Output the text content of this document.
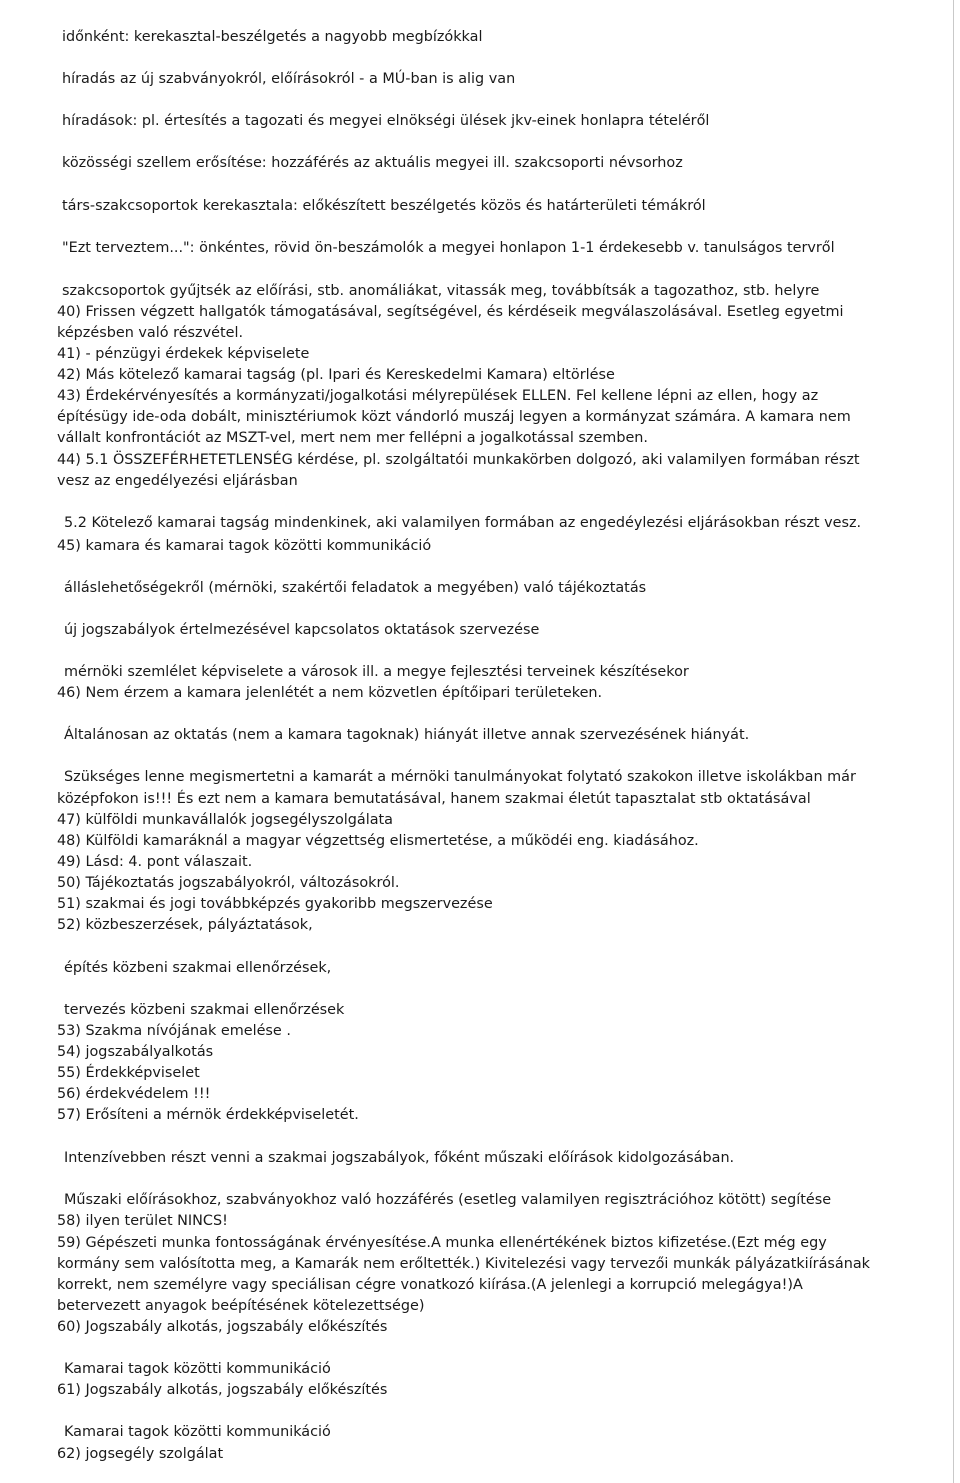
időnként: kerekasztal-beszélgetés a nagyobb megbízókkal
híradás az új szabványokról, előírásokról - a MÚ-ban is alig van
híradások: pl. értesítés a tagozati és megyei elnökségi ülések jkv-einek honlapra tételéről
közösségi szellem erősítése: hozzáférés az aktuális megyei ill. szakcsoporti névsorhoz
társ-szakcsoportok kerekasztala: előkészített beszélgetés közös és határterületi témákról
"Ezt terveztem...": önkéntes, rövid ön-beszámolók a megyei honlapon 1-1 érdekesebb v. tanulságos tervről
szakcsoportok gyűjtsék az előírási, stb. anomáliákat, vitassák meg, továbbítsák a tagozathoz, stb. helyre
40) Frissen végzett hallgatók támogatásával, segítségével, és kérdéseik megválaszolásával. Esetleg egyetmi
képzésben való részvétel.
41) - pénzügyi érdekek képviselete
42) Más kötelező kamarai tagság (pl. Ipari és Kereskedelmi Kamara) eltörlése
43) Érdekérvényesítés a kormányzati/jogalkotási mélyrepülések ELLEN. Fel kellene lépni az ellen, hogy az
építésügy ide-oda dobált, minisztériumok közt vándorló muszáj legyen a kormányzat számára. A kamara nem
vállalt konfrontációt az MSZT-vel, mert nem mer fellépni a jogalkotással szemben.
44) 5.1 ÖSSZEFÉRHETETLENSÉG kérdése, pl. szolgáltatói munkakörben dolgozó, aki valamilyen formában részt
vesz az engedélyezési eljárásban
5.2 Kötelező kamarai tagság mindenkinek, aki valamilyen formában az engedéylezési eljárásokban részt vesz.
45) kamara és kamarai tagok közötti kommunikáció
álláslehetőségekről (mérnöki, szakértői feladatok a megyében) való tájékoztatás
új jogszabályok értelmezésével kapcsolatos oktatások szervezése
mérnöki szemlélet képviselete a városok ill. a megye fejlesztési terveinek készítésekor
46) Nem érzem a kamara jelenlétét a nem közvetlen építőipari területeken.
Általánosan az oktatás (nem a kamara tagoknak) hiányát illetve annak szervezésének hiányát.
Szükséges lenne megismertetni a kamarát a mérnöki tanulmányokat folytató szakokon illetve iskolákban már
középfokon is!!! És ezt nem a kamara bemutatásával, hanem szakmai életút tapasztalat stb oktatásával
47) külföldi munkavállalók jogsegélyszolgálata
48) Külföldi kamaráknál a magyar végzettség elismertetése, a működéi eng. kiadásához.
49) Lásd: 4. pont válaszait.
50) Tájékoztatás jogszabályokról, változásokról.
51) szakmai és jogi továbbképzés gyakoribb megszervezése
52) közbeszerzések, pályáztatások,
építés közbeni szakmai ellenőrzések,
tervezés közbeni szakmai ellenőrzések
53) Szakma nívójának emelése .
54) jogszabályalkotás
55) Érdekképviselet
56) érdekvédelem !!!
57) Erősíteni a mérnök érdekképviseletét.
Intenzívebben részt venni a szakmai jogszabályok, főként műszaki előírások kidolgozásában.
Műszaki előírásokhoz, szabványokhoz való hozzáférés (esetleg valamilyen regisztrációhoz kötött) segítése
58) ilyen terület NINCS!
59) Gépészeti munka fontosságának érvényesítése.A munka ellenértékének biztos kifizetése.(Ezt még egy
kormány sem valósította meg, a Kamarák nem erőltették.) Kivitelezési vagy tervezői munkák pályázatkiírásának
korrekt, nem személyre vagy speciálisan cégre vonatkozó kiírása.(A jelenlegi a korrupció melegágya!)A
betervezett anyagok beépítésének kötelezettsége)
60) Jogszabály alkotás, jogszabály előkészítés
Kamarai tagok közötti kommunikáció
61) Jogszabály alkotás, jogszabály előkészítés
Kamarai tagok közötti kommunikáció
62) jogsegély szolgálat
